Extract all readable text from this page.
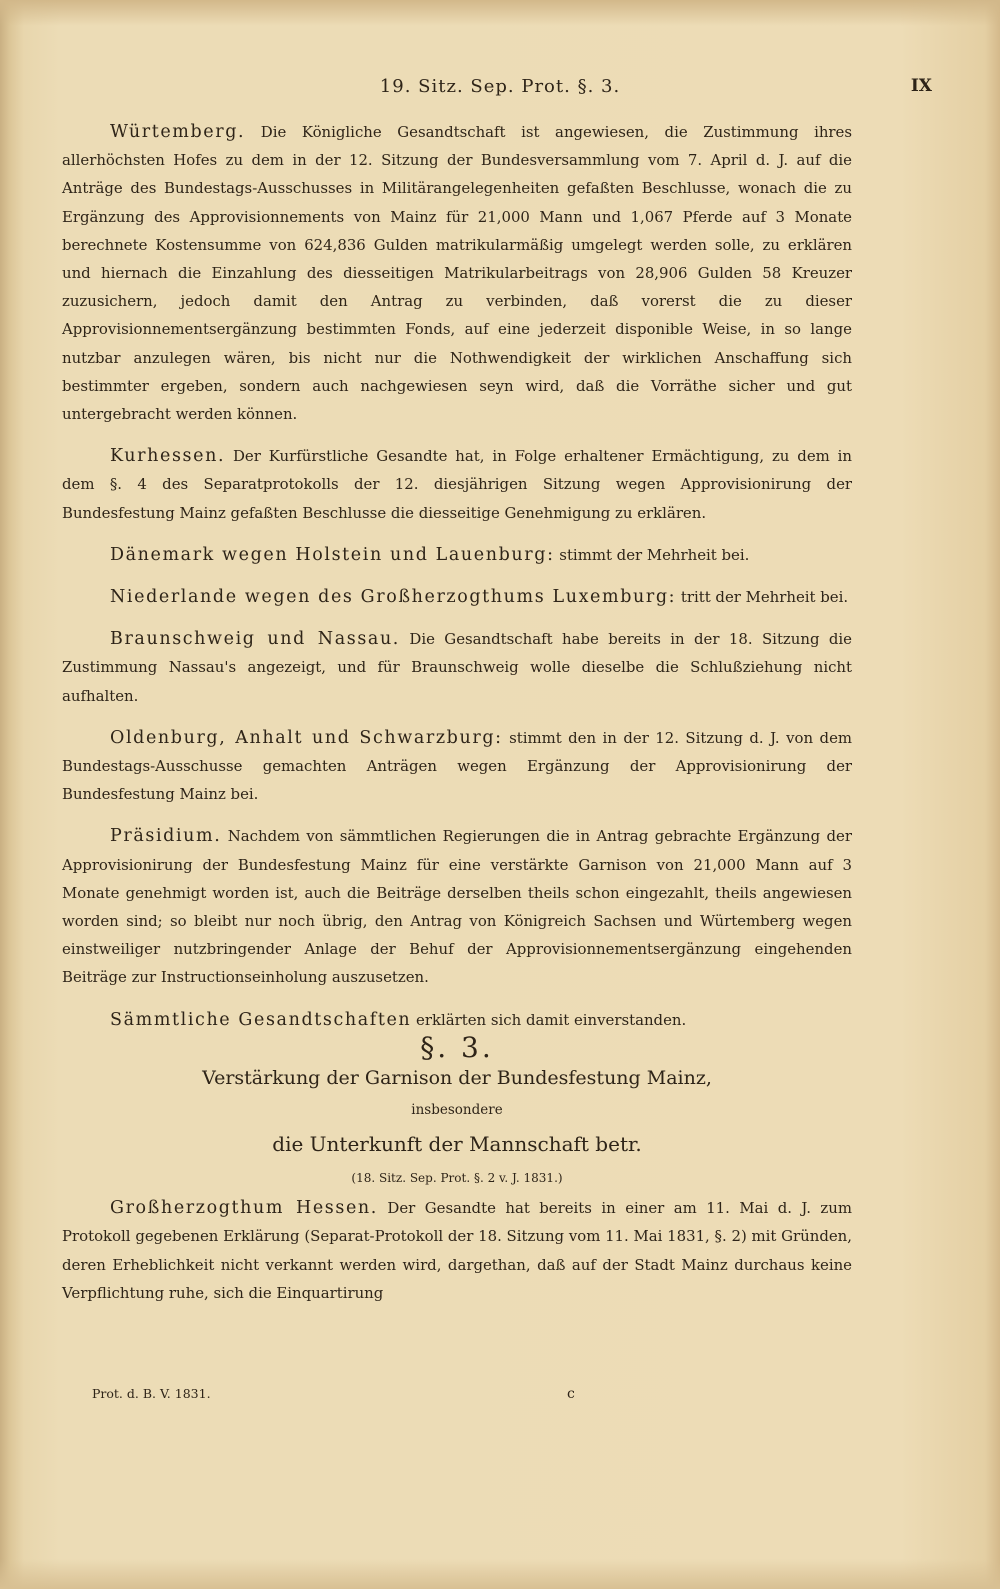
19. Sitz. Sep. Prot. §. 3.	IX

Würtemberg. Die Königliche Gesandtschaft ist angewiesen, die Zustimmung ihres allerhöchsten Hofes zu dem in der 12. Sitzung der Bundesversammlung vom 7. April d. J. auf die Anträge des Bundestags-Ausschusses in Militärangelegenheiten gefaßten Beschlusse, wonach die zu Ergänzung des Approvisionnements von Mainz für 21,000 Mann und 1,067 Pferde auf 3 Monate berechnete Kostensumme von 624,836 Gulden matrikularmäßig umgelegt werden solle, zu erklären und hiernach die Einzahlung des diesseitigen Matrikularbeitrags von 28,906 Gulden 58 Kreuzer zuzusichern, jedoch damit den Antrag zu verbinden, daß vorerst die zu dieser Approvisionnementsergänzung bestimmten Fonds, auf eine jederzeit disponible Weise, in so lange nutzbar anzulegen wären, bis nicht nur die Nothwendigkeit der wirklichen Anschaffung sich bestimmter ergeben, sondern auch nachgewiesen seyn wird, daß die Vorräthe sicher und gut untergebracht werden können.

Kurhessen. Der Kurfürstliche Gesandte hat, in Folge erhaltener Ermächtigung, zu dem in dem §. 4 des Separatprotokolls der 12. diesjährigen Sitzung wegen Approvisionirung der Bundesfestung Mainz gefaßten Beschlusse die diesseitige Genehmigung zu erklären.

Dänemark wegen Holstein und Lauenburg: stimmt der Mehrheit bei.

Niederlande wegen des Großherzogthums Luxemburg: tritt der Mehrheit bei.

Braunschweig und Nassau. Die Gesandtschaft habe bereits in der 18. Sitzung die Zustimmung Nassau's angezeigt, und für Braunschweig wolle dieselbe die Schlußziehung nicht aufhalten.

Oldenburg, Anhalt und Schwarzburg: stimmt den in der 12. Sitzung d. J. von dem Bundestags-Ausschusse gemachten Anträgen wegen Ergänzung der Approvisionirung der Bundesfestung Mainz bei.

Präsidium. Nachdem von sämmtlichen Regierungen die in Antrag gebrachte Ergänzung der Approvisionirung der Bundesfestung Mainz für eine verstärkte Garnison von 21,000 Mann auf 3 Monate genehmigt worden ist, auch die Beiträge derselben theils schon eingezahlt, theils angewiesen worden sind; so bleibt nur noch übrig, den Antrag von Königreich Sachsen und Würtemberg wegen einstweiliger nutzbringender Anlage der Behuf der Approvisionnementsergänzung eingehenden Beiträge zur Instructionseinholung auszusetzen.

Sämmtliche Gesandtschaften erklärten sich damit einverstanden.

§. 3.

Verstärkung der Garnison der Bundesfestung Mainz,

insbesondere

die Unterkunft der Mannschaft betr.

(18. Sitz. Sep. Prot. §. 2 v. J. 1831.)

Großherzogthum Hessen. Der Gesandte hat bereits in einer am 11. Mai d. J. zum Protokoll gegebenen Erklärung (Separat-Protokoll der 18. Sitzung vom 11. Mai 1831, §. 2) mit Gründen, deren Erheblichkeit nicht verkannt werden wird, dargethan, daß auf der Stadt Mainz durchaus keine Verpflichtung ruhe, sich die Einquartirung

Prot. d. B. V. 1831.	c
